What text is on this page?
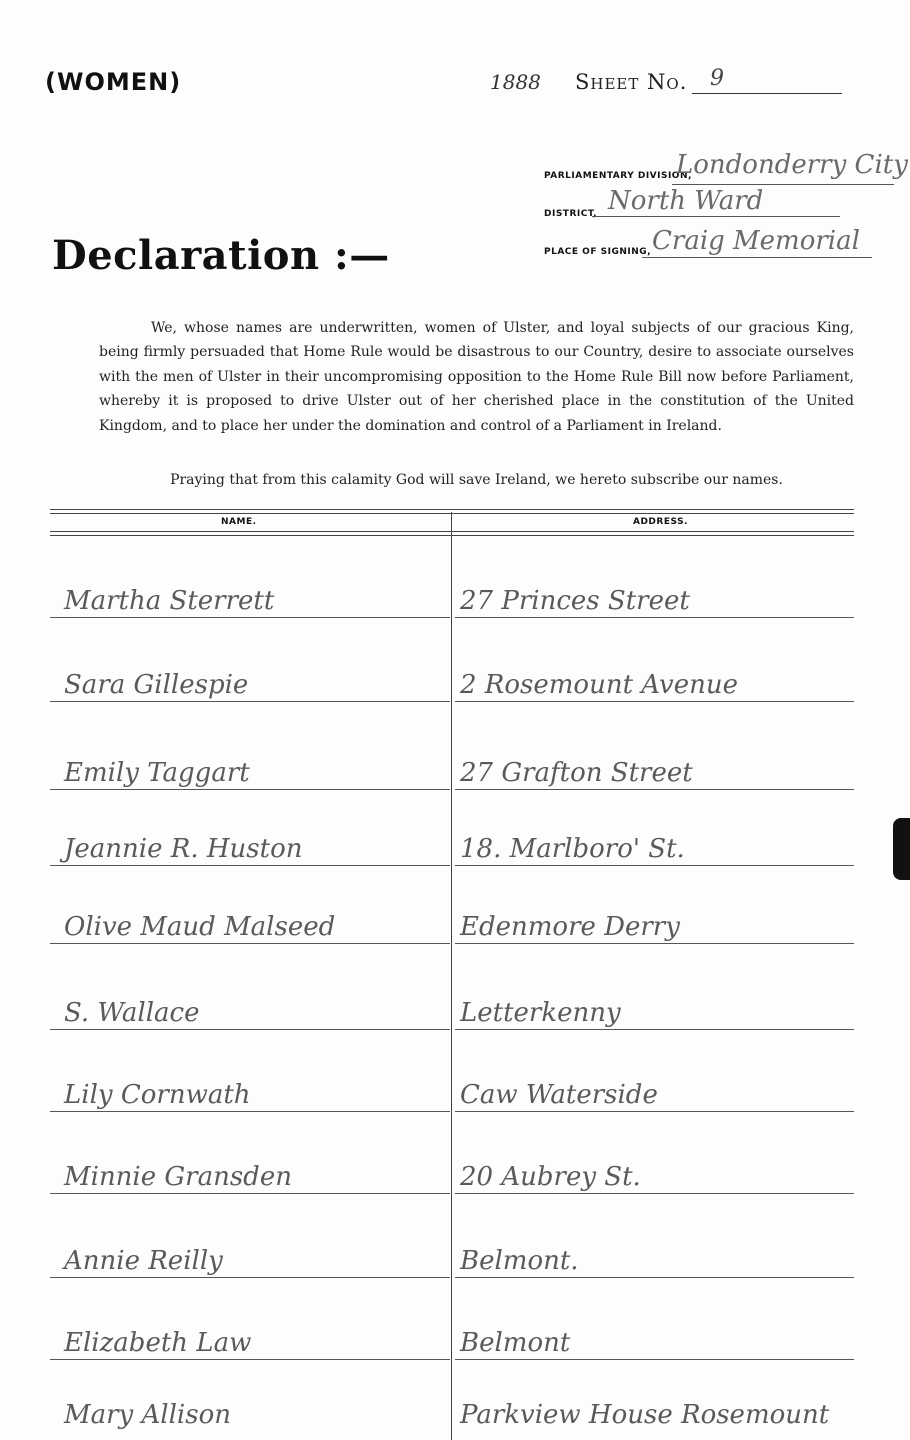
(WOMEN)	1888 Sheet No. 9
PARLIAMENTARY DIVISION,
Londonderry City
DISTRICT, North Ward
PLACE OF SIGNING, Craig Memorial
Declaration :—

We, whose names are underwritten, women of Ulster, and loyal subjects of our gracious King, being firmly persuaded that Home Rule would be disastrous to our Country, desire to associate ourselves with the men of Ulster in their uncompromising opposition to the Home Rule Bill now before Parliament, whereby it is proposed to drive Ulster out of her cherished place in the constitution of the United Kingdom, and to place her under the domination and control of a Parliament in Ireland.

Praying that from this calamity God will save Ireland, we hereto subscribe our names.
NAME.	ADDRESS.
Martha Sterrett	27 Princes Street
Sara Gillespie	2 Rosemount Avenue
Emily Taggart	27 Grafton Street
Jeannie R. Huston	18. Marlboro' St.
Olive Maud Malseed	Edenmore Derry
S. Wallace	Letterkenny
Lily Cornwath	Caw Waterside
Minnie Gransden	20 Aubrey St.
Annie Reilly	Belmont.
Elizabeth Law	Belmont
Mary Allison	Parkview House Rosemount
